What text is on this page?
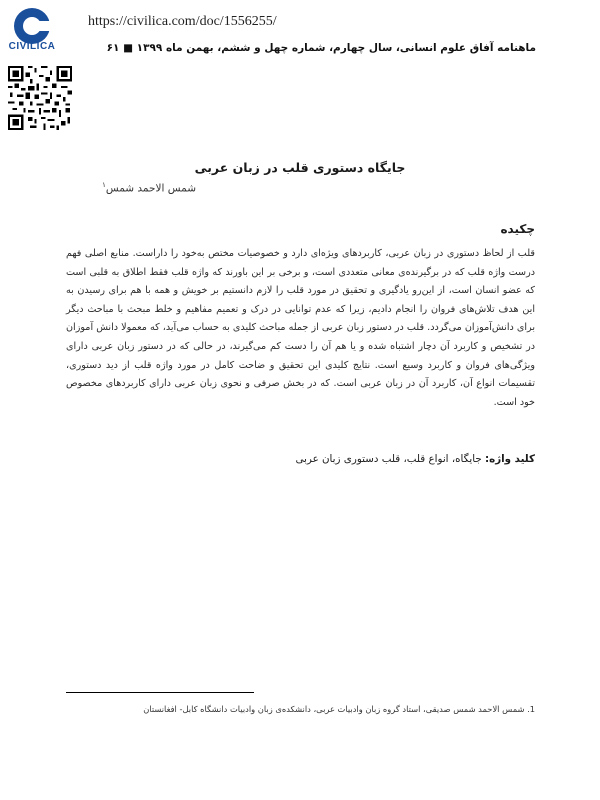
CIVILICA
https://civilica.com/doc/1556255/
ماهنامه آفاق علوم انسانی، سال چهارم، شماره چهل و ششم، بهمن ماه ۱۳۹۹ ■ ۶۱
جایگاه دستوری قلب در زبان عربی
شمس الاحمد شمس$^۱$
چکیده
قلب از لحاظ دستوری در زبان عربی، کاربردهای ویژه‌ای دارد و خصوصیات مختص به‌خود را داراست. منابع اصلی فهم درست واژه قلب که در برگیرنده‌ی معانی متعددی است، و برخی بر این باورند که واژه قلب فقط اطلاق به قلبی است که عضو انسان است، از این‌رو یادگیری و تحقیق در مورد قلب را لازم دانستیم بر خویش و همه با هم برای رسیدن به این هدف تلاش‌های فروان را انجام دادیم، زیرا که عدم توانایی در درک و تعمیم مفاهیم و خلط مبحث با مباحث دیگر برای دانش‌آموزان می‌گردد. قلب در دستور زبان عربی از جمله مباحث کلیدی به حساب می‌آید، که معمولا دانش آموزان در تشخیص و کاربرد آن دچار اشتباه شده و یا هم آن را دست کم می‌گیرند، در حالی که در دستور زبان عربی دارای ویژگی‌های فروان و کاربرد وسیع است. نتایج کلیدی این تحقیق و ضاحت کامل در مورد واژه قلب از دید دستوری، تقسیمات انواع آن، کاربرد آن در زبان عربی است. که در بخش صرفی و نحوی زبان عربی دارای کاربردهای مخصوص خود است.
کلید واژه: جایگاه، انواع قلب، قلب دستوری زبان عربی
1. شمس الاحمد شمس صدیقی، استاد گروه زبان وادبیات عربی، دانشکده‌ی زبان وادبیات دانشگاه کابل- افغانستان
